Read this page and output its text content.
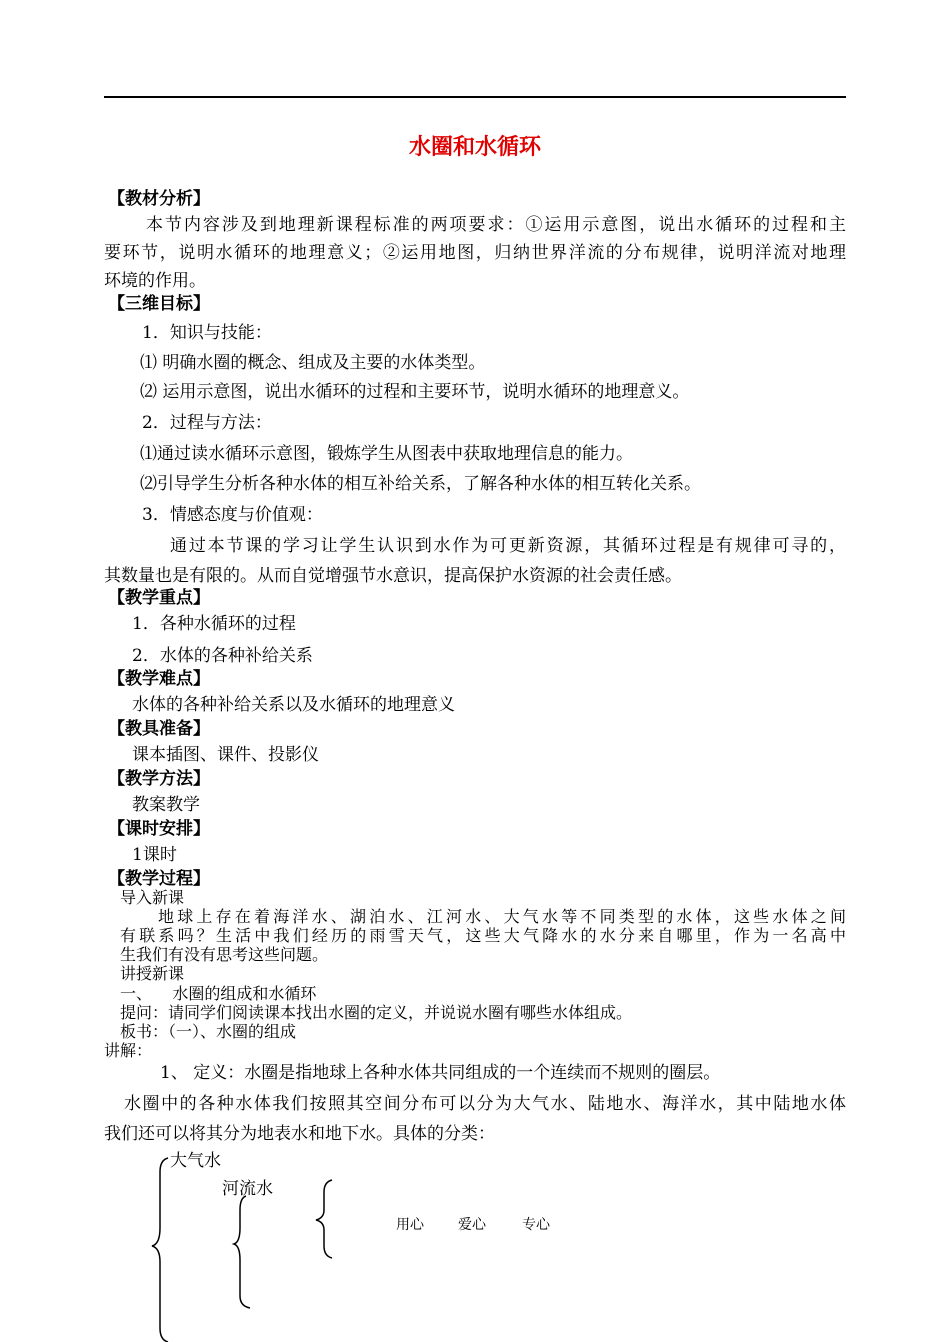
水圈和水循环
【教材分析】
本节内容涉及到地理新课程标准的两项要求：①运用示意图，说出水循环的过程和主
要环节，说明水循环的地理意义；②运用地图，归纳世界洋流的分布规律，说明洋流对地理
环境的作用。
【三维目标】
1．知识与技能：
⑴ 明确水圈的概念、组成及主要的水体类型。
⑵ 运用示意图，说出水循环的过程和主要环节，说明水循环的地理意义。
2．过程与方法：
⑴通过读水循环示意图，锻炼学生从图表中获取地理信息的能力。
⑵引导学生分析各种水体的相互补给关系，了解各种水体的相互转化关系。
3．情感态度与价值观：
通过本节课的学习让学生认识到水作为可更新资源，其循环过程是有规律可寻的，
其数量也是有限的。从而自觉增强节水意识，提高保护水资源的社会责任感。
【教学重点】
1．各种水循环的过程
2．水体的各种补给关系
【教学难点】
水体的各种补给关系以及水循环的地理意义
【教具准备】
课本插图、课件、投影仪
【教学方法】
教案教学
【课时安排】
1课时
【教学过程】
导入新课
地球上存在着海洋水、湖泊水、江河水、大气水等不同类型的水体，这些水体之间
有联系吗？生活中我们经历的雨雪天气，这些大气降水的水分来自哪里，作为一名高中
生我们有没有思考这些问题。
讲授新课
一、    水圈的组成和水循环
提问：请同学们阅读课本找出水圈的定义，并说说水圈有哪些水体组成。
板书：（一）、水圈的组成
讲解：
1、 定义：水圈是指地球上各种水体共同组成的一个连续而不规则的圈层。
水圈中的各种水体我们按照其空间分布可以分为大气水、陆地水、海洋水，其中陆地水体
我们还可以将其分为地表水和地下水。具体的分类：
大气水
河流水
用心 爱心	专心
